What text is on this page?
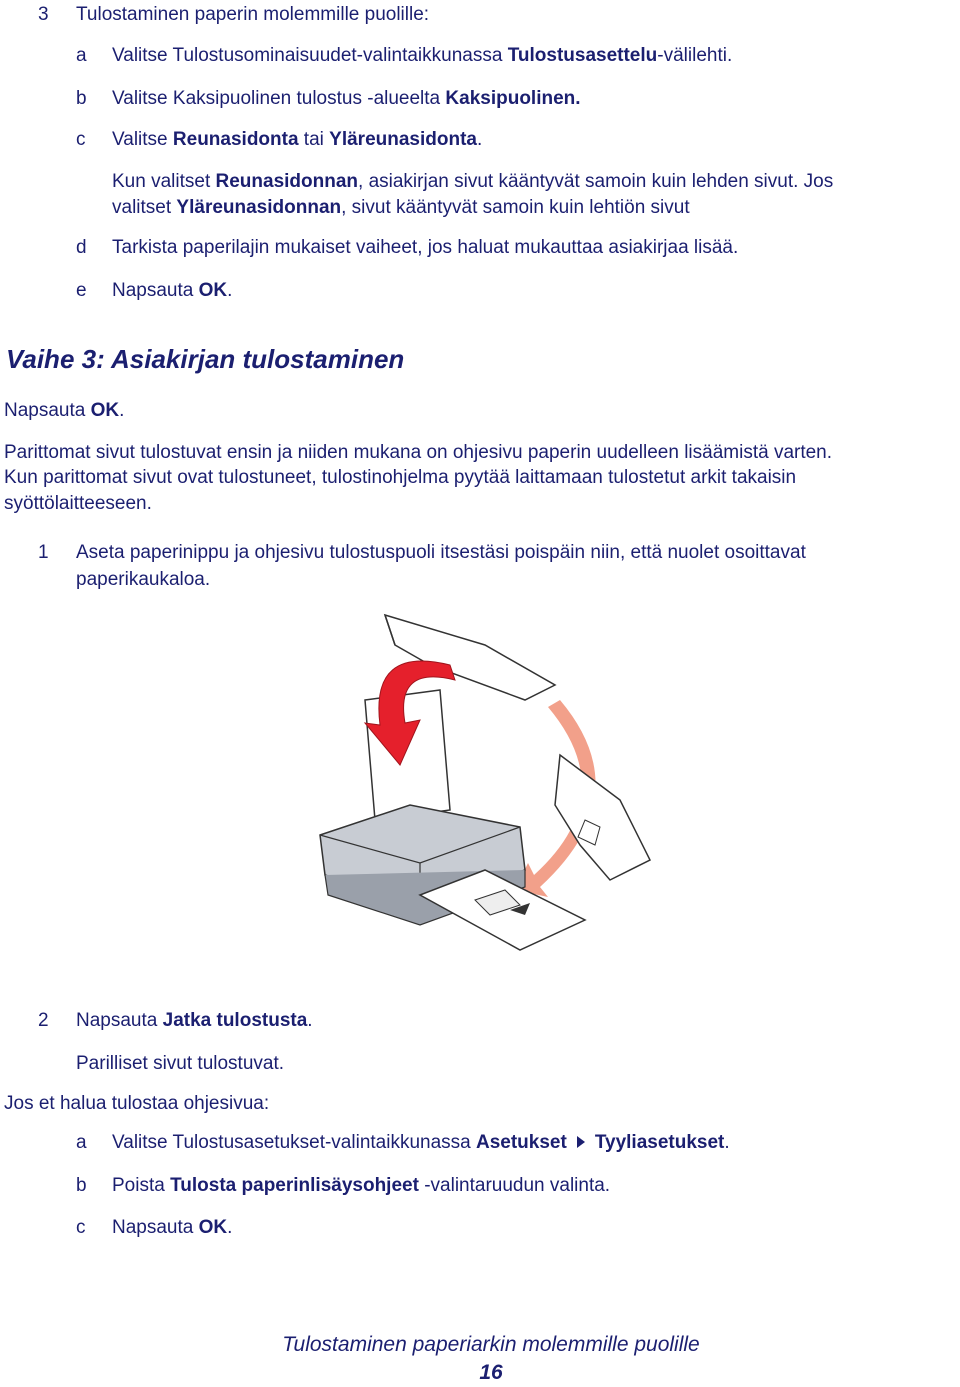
3 Tulostaminen paperin molemmille puolille:
a Valitse Tulostusominaisuudet-valintaikkunassa Tulostusasettelu-välilehti.
b Valitse Kaksipuolinen tulostus -alueelta Kaksipuolinen.
c Valitse Reunasidonta tai Yläreunasidonta.
Kun valitset Reunasidonnan, asiakirjan sivut kääntyvät samoin kuin lehden sivut. Jos
valitset Yläreunasidonnan, sivut kääntyvät samoin kuin lehtiön sivut
d Tarkista paperilajin mukaiset vaiheet, jos haluat mukauttaa asiakirjaa lisää.
e Napsauta OK.
Vaihe 3: Asiakirjan tulostaminen
Napsauta OK.
Parittomat sivut tulostuvat ensin ja niiden mukana on ohjesivu paperin uudelleen lisäämistä varten.
Kun parittomat sivut ovat tulostuneet, tulostinohjelma pyytää laittamaan tulostetut arkit takaisin
syöttölaitteeseen.
1 Aseta paperinippu ja ohjesivu tulostuspuoli itsestäsi poispäin niin, että nuolet osoittavat
paperikaukaloa.
2 Napsauta Jatka tulostusta.
Parilliset sivut tulostuvat.
Jos et halua tulostaa ohjesivua:
a Valitse Tulostusasetukset-valintaikkunassa Asetukset Tyyliasetukset.
b Poista Tulosta paperinlisäysohjeet -valintaruudun valinta.
c Napsauta OK.
Tulostaminen paperiarkin molemmille puolille
16
